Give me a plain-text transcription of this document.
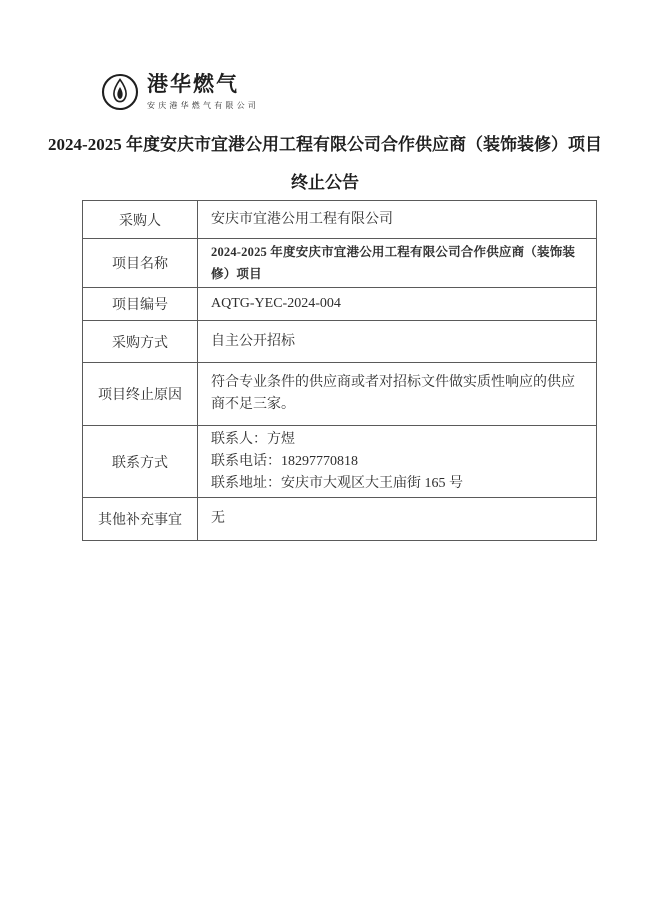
港华燃气
安庆港华燃气有限公司
2024-2025 年度安庆市宜港公用工程有限公司合作供应商（装饰装修）项目
终止公告
采购人	安庆市宜港公用工程有限公司
项目名称	2024-2025 年度安庆市宜港公用工程有限公司合作供应商（装饰装修）项目
项目编号	AQTG-YEC-2024-004
采购方式	自主公开招标
项目终止原因	符合专业条件的供应商或者对招标文件做实质性响应的供应商不足三家。
联系方式	联系人：方煜
联系电话：18297770818
联系地址：安庆市大观区大王庙街 165 号

其他补充事宜	无
